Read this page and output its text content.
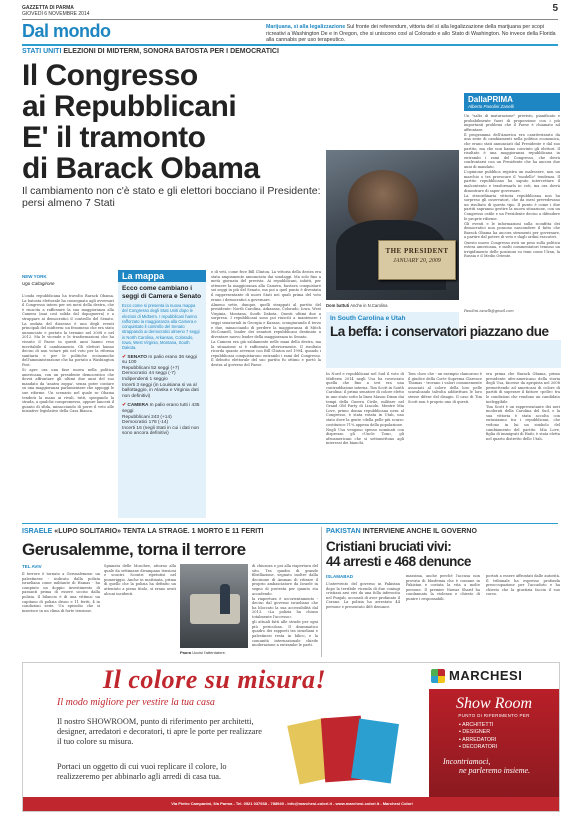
GAZZETTA DI PARMA
GIOVEDÌ 6 NOVEMBRE 2014	5
Dal mondo	Marijuana, sì alla legalizzazione Sul fronte dei referendum, vittoria del sì alla legalizzazione della marijuana per scopi ricreativi a Washington De e in Oregon, che si uniscono così al Colorado e allo Stato di Washington. No invece della Florida alla cannabis per uso terapeutico.
STATI UNITI ELEZIONI DI MIDTERM, SONORA BATOSTA PER I DEMOCRATICI
Il Congresso
ai Repubblicani
E' il tramonto
di Barack Obama
Il cambiamento non c'è stato e gli elettori bocciano il Presidente: persi almeno 7 Stati
THE PRESIDENT
JANUARY 20, 2009
NEW YORK
Ugo Caltagirone

L'onda repubblicana ha travolto Barack Obama. La batosta elettorale ha consegnato agli avversari il Congresso intero per sei mesi della destra, che è riuscita a rafforzare la sua maggioranza alla Camera (mai così solida dal dopoguerra) e a strappare ai democratici il controllo del Senato. La ondata del dissenso è uno degli eventi principali del midterm: un fenomeno che era stato annunciato e portato la termine nel 2008 e nel 2012. Ma le vicende e le trasformazioni che ha vissuto il Paese in questi anni hanno reso inevitabile il cambiamento. Gli elettori hanno deciso di non votare più nel voto per la riforma sanitaria e per le politiche economiche dell'amministrazione che ha portato a Washington Post.

Si apre ora una fase nuova nella politica americana, con un presidente democratico che dovrà affrontare gli ultimi due anni del suo mandato da 'anatra zoppa', senza poter contare su una maggioranza parlamentare che appoggi le sue riforme. Un scenario nel quale se Obama tenderà la mano ai rivali, tutti, spiegando la strada, a qualche compromesso, oppure lancerà il guanto di sfida, minacciando di porre il veto alle iniziative legislative della Casa Bianca.

La mappa
Ecco come cambiano i seggi di Camera e Senato
Ecco come si presenta la nuova mappa del Congresso degli Stati Uniti dopo le elezioni di Midterm. I repubblicani hanno rafforzato la maggioranza alla Camera e conquistato il controllo del Senato strappando ai democratici almeno 7 seggi in North Carolina, Arkansas, Colorado, Iowa, West Virginia, Montana, South Dakota.
✔ SENATO In palio erano 36 seggi su 100
Repubblicani 52 seggi (+7)
Democratici 44 seggi (-7)
Indipendenti 1 seggio
Incerti 3 seggi (in Louisiana si va al ballottaggio, in Alaska e Virginia dati non definitivi)
✔ CAMERA In palio erano tutti i 435 seggi
Repubblicani 243 (+14)
Democratici 178 (-14)
Incerti 16 (negli Stati in cui i dati non sono ancora definitivi)

e di veti, come fece Bill Clinton. La vittoria della destra era stata ampiamente annunciata dai sondaggi. Ma solo fino a metà giornata del prevista. Ai repubblicani, infatti, per ottenere la maggioranza alla Camera, bastava conquistare sei seggi in più del Senato, ma poi a quel punto è diventata il rappresentante di nuovi Stati nei quali prima del voto erano i democratici a governare.

Almeno sette, dunque, quelli strappati al partito del presidente: North Carolina, Arkansas, Colorado, Iowa, West Virginia, Montana, South Dakota. Questi ultimi due a sorpresa. I repubblicani sono poi riusciti a mantenere i seggi senatoriali in Georgia e Kansas, scongiurando il terzo e due, minacciando di perdere la maggioranza di Mitch McConnell, leader dei senatori repubblicani destinato a diventare nuovo leader della maggioranza in Senato.

La Camera era già saldamente nelle mani della destra, ma la situazione si è rafforzata ulteriormente. Il risultato ricorda quanto avvenne con Bill Clinton nel 1994, quando i repubblicani conquistarono entrambi i rami del Congresso. Il debutto elettorale del suo partito fu ottimo e portò la destra al governo del Paese.

Dom battuti Anche in N.Carolina
In South Carolina e Utah
La beffa: i conservatori piazzano due

In Nord e repubblicani nel Sud il voto di Midterm 2014 negli Usa ha rovesciato quella che fino a ieri era una contraddizione interna. Tim Scott in South Carolina: il primo senatore di colore eletto in uno stato sotto la linea Mason Dixon dai tempi della Guerra Civile, militare nel Grand Old Party di Lincoln. Mentre Mia Love, primo donna repubblicana nera al Congresso, è stata votata in Utah, uno stato dove la gente «della pelle più scura» costituisce l'1% appena della popolazione.

Negli Usa vengono spesso nominati con disprezzo gli «Uncle Tom», gli afroamericani che si sottomettono agli interessi dei bianchi.

Tom «loro che - un esempio clamoroso è il giudice della Corte Suprema Clarence Thomas - trovano i valori comunemente associati al colore della loro pelle scavalcando talvolta addirittura le loro stesse difese del disagio. Il caso di Tim Scott non è proprio uno di questi.

era prima che Barack Obama, primo presidente afro-americano della storia degli Usa, facesse da apripista nel 2008 permettendo ad americani di colore di partiti di superare il fattore «pelle» tra le condizioni che rendono un candidato ineleggibile.

Tim Scott è un rappresentante dei neri moderati della Carolina del Sud, e la sua vittoria è stata accolta con entusiasmo tra i repubblicani, che vedono in lui un simbolo del cambiamento del partito. Mia Love, figlia di immigrati di Haiti, è stata eletta nel quarto distretto dello Utah.

DallaPRIMA
Alberto Pasolini Zanelli

Un "salto di maturazione" previsto, pianificato e probabilmente fuori di proporzione con i più importanti problemi che il Paese è chiamato ad affrontare.

Il programma dell'America era caratterizzato da una serie di cambiamenti nella politica economica, che erano stati annunciati dal Presidente e dal suo partito, ma che non hanno convinto gli elettori. Il risultato è una maggioranza repubblicana in entrambi i rami del Congresso, che dovrà confrontarsi con un Presidente che ha ancora due anni di mandato.

L'opinione pubblica registra un malessere, non un marchio o tra provocare il "modello" tendenza. Il partito repubblicano ha saputo intercettare il malcontento e trasformarlo in voti, ma ora dovrà dimostrare di saper governare.

La straordinaria vittoria repubblicana non ha sorpreso gli osservatori, che da mesi prevedevano un risultato di questo tipo. Il punto è come i due partiti sapranno gestire la nuova situazione, con un Congresso ostile e un Presidente deciso a difendere le proprie riforme.

Gli eventi e le informazioni sulla sconfitta dei democratici non possono nascondere il fatto che Barack Obama ha ancora strumenti per governare, a partire dal potere di veto e dagli ordini esecutivi.

Questo nuovo Congresso avrà un peso sulla politica estera americana, e molti commentatori temono un irrigidimento delle posizioni su temi come l'Iran, la Russia e il Medio Oriente.

Pasolini.zanelli@gmail.com
ISRAELE «LUPO SOLITARIO» TENTA LA STRAGE. 1 MORTO E 11 FERITI
Gerusalemme, torna il terrore
TEL AVIV

Il terrore è tornato a Gerusalemme: un palestinese - indicato dalla polizia israeliana come militante di Hamas - ha compiuto un doppio investimento di passanti prima di essere ucciso dalla polizia. Il bilancio è di una vittima: un capitano di polizia druso e 11 feriti, 4 in condizioni serie. Un episodio che si inserisce in un clima di forte tensione.

Spianata delle Moschee, attorno alla quale da settimane divampano tensioni e scontri. Scontri ripetutisi nel pomeriggio. Anche in mattinata, prima di quello che la polizia ha definito un attentato a pieno titolo, si erano avuti alcuni incidenti.

Paura Uccisi l'attentatore.

di chiusura e poi alla riapertura del sito. Tra quadro di grande fibrillazione, segnato inoltre dalla decisione di Amman di ritirare il proprio ambasciatore da Israele in segno di protesta per quanto sta accadendo.

la riapertura è un'orientamento - deciso dal governo israeliano che ha bloccato la sua accessibilità dal 2013. «La polizia ha chiuso totalmente l'accesso».

gli attuali fatti alle strade per ogni più pericolosa. Il drammatico quadro dei rapporti tra israeliani e palestinesi resta in bilico, e la comunità internazionale chiede moderazione a entrambe le parti.

PAKISTAN INTERVIENE ANCHE IL GOVERNO
Cristiani bruciati vivi:
44 arresti e 468 denunce
ISLAMABAD

L'intervento del governo in Pakistan dopo la terribile vicenda di due coniugi cristiani arsi vivi da una folla inferocita nel Punjab, accusati di aver profanato il Corano. La polizia ha arrestato 44 persone e presentato 468 denunce.

massima, anche perché l'accusa non provata di blasfemia che è comune in Pakistan e costata la vita a molte persone. Il premier Nawaz Sharif ha condannato la violenza e chiesto di punire i responsabili.

portati a essere affrontati dalle autorità. Il tribunale ha espresso profonda preoccupazione per l'accaduto e ha chiesto che la giustizia faccia il suo corso.

Il colore su misura!
Il modo migliore per vestire la tua casa
Il nostro SHOWROOM, punto di riferimento per architetti, designer, arredatori e decoratori, ti apre le porte per realizzare il tuo colore su misura.
Portaci un oggetto di cui vuoi replicare il colore, lo realizzeremo per abbinarlo agli arredi di casa tua.
MARCHESI
Show Room
PUNTO DI RIFERIMENTO PER
▪ ARCHITETTI
▪ DESIGNER
▪ ARREDATORI
▪ DECORATORI
Incontriamoci,
ne parleremo insieme.
Via Pietro Campanini, 9/a Parma - Tel. 0521 037938 - 788949 - info@marchesi-colori.it - www.marchesi-colori.it - Marchesi Colori
